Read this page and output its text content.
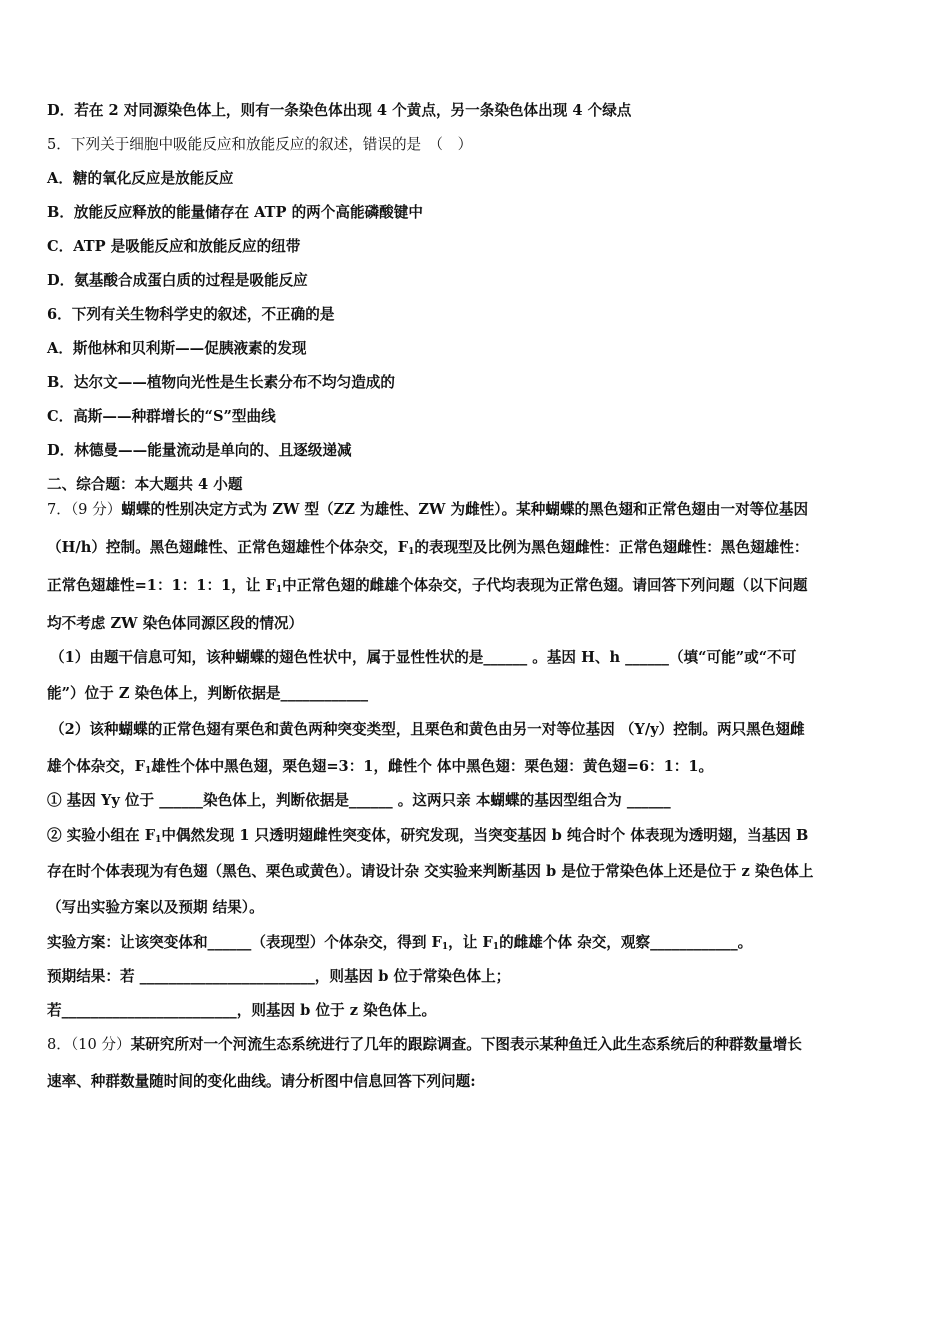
D．若在 2 对同源染色体上，则有一条染色体出现 4 个黄点，另一条染色体出现 4 个绿点
5．下列关于细胞中吸能反应和放能反应的叙述，错误的是　（　）
A．糖的氧化反应是放能反应
B．放能反应释放的能量储存在 ATP 的两个高能磷酸键中
C．ATP 是吸能反应和放能反应的纽带
D．氨基酸合成蛋白质的过程是吸能反应
6．下列有关生物科学史的叙述，不正确的是
A．斯他林和贝利斯——促胰液素的发现
B．达尔文——植物向光性是生长素分布不均匀造成的
C．高斯——种群增长的“S”型曲线
D．林德曼——能量流动是单向的、且逐级递减
二、综合题：本大题共 4 小题
7．（9 分）蝴蝶的性别决定方式为 ZW 型（ZZ 为雄性、ZW 为雌性）。某种蝴蝶的黑色翅和正常色翅由一对等位基因
（H/h）控制。黑色翅雌性、正常色翅雄性个体杂交，$F_1$的表现型及比例为黑色翅雌性：正常色翅雌性：黑色翅雄性：
正常色翅雄性=1：1：1：1，让 $F_1$中正常色翅的雌雄个体杂交，子代均表现为正常色翅。请回答下列问题（以下问题
均不考虑 ZW 染色体同源区段的情况）
（1）由题干信息可知，该种蝴蝶的翅色性状中，属于显性性状的是______ 。基因 H、h ______（填“可能”或“不可
能”）位于 Z 染色体上，判断依据是____________
（2）该种蝴蝶的正常色翅有栗色和黄色两种突变类型，且栗色和黄色由另一对等位基因 （Y/y）控制。两只黑色翅雌
雄个体杂交，$F_1$雄性个体中黑色翅，栗色翅=3：1，雌性个 体中黑色翅：栗色翅：黄色翅=6：1：1。
① 基因 Yy 位于 ______染色体上，判断依据是______ 。这两只亲 本蝴蝶的基因型组合为 ______
② 实验小组在 $F_1$中偶然发现 1 只透明翅雌性突变体，研究发现，当突变基因 b 纯合时个 体表现为透明翅，当基因 B
存在时个体表现为有色翅（黑色、栗色或黄色）。请设计杂 交实验来判断基因 b 是位于常染色体上还是位于 z 染色体上
（写出实验方案以及预期 结果）。
实验方案：让该突变体和______（表现型）个体杂交，得到 $F_1$，让 $F_1$的雌雄个体 杂交，观察____________。
预期结果：若 ________________________，则基因 b 位于常染色体上；
若________________________，则基因 b 位于 z 染色体上。
8．（10 分）某研究所对一个河流生态系统进行了几年的跟踪调查。下图表示某种鱼迁入此生态系统后的种群数量增长
速率、种群数量随时间的变化曲线。请分析图中信息回答下列问题:
